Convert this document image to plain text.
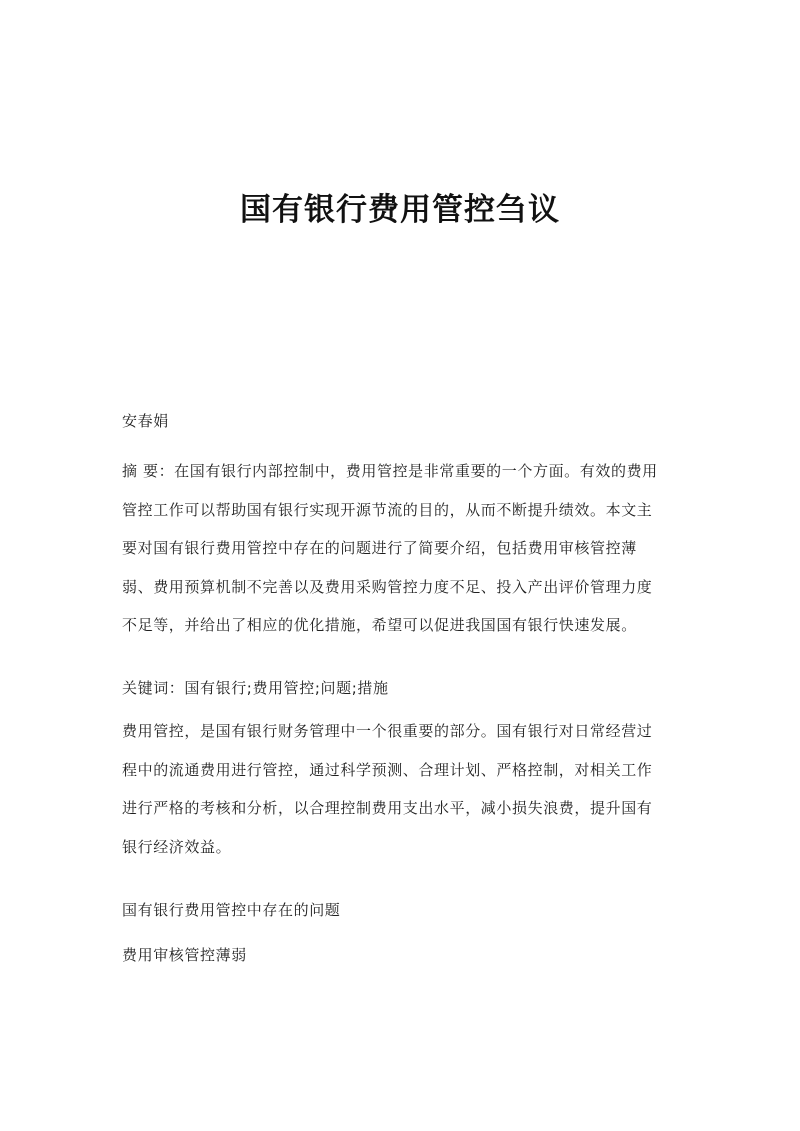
国有银行费用管控刍议
安春娟
摘 要：在国有银行内部控制中，费用管控是非常重要的一个方面。有效的费用
管控工作可以帮助国有银行实现开源节流的目的，从而不断提升绩效。本文主
要对国有银行费用管控中存在的问题进行了简要介绍，包括费用审核管控薄
弱、费用预算机制不完善以及费用采购管控力度不足、投入产出评价管理力度
不足等，并给出了相应的优化措施，希望可以促进我国国有银行快速发展。
关键词：国有银行;费用管控;问题;措施
费用管控，是国有银行财务管理中一个很重要的部分。国有银行对日常经营过
程中的流通费用进行管控，通过科学预测、合理计划、严格控制，对相关工作
进行严格的考核和分析，以合理控制费用支出水平，减小损失浪费，提升国有
银行经济效益。
国有银行费用管控中存在的问题
费用审核管控薄弱
